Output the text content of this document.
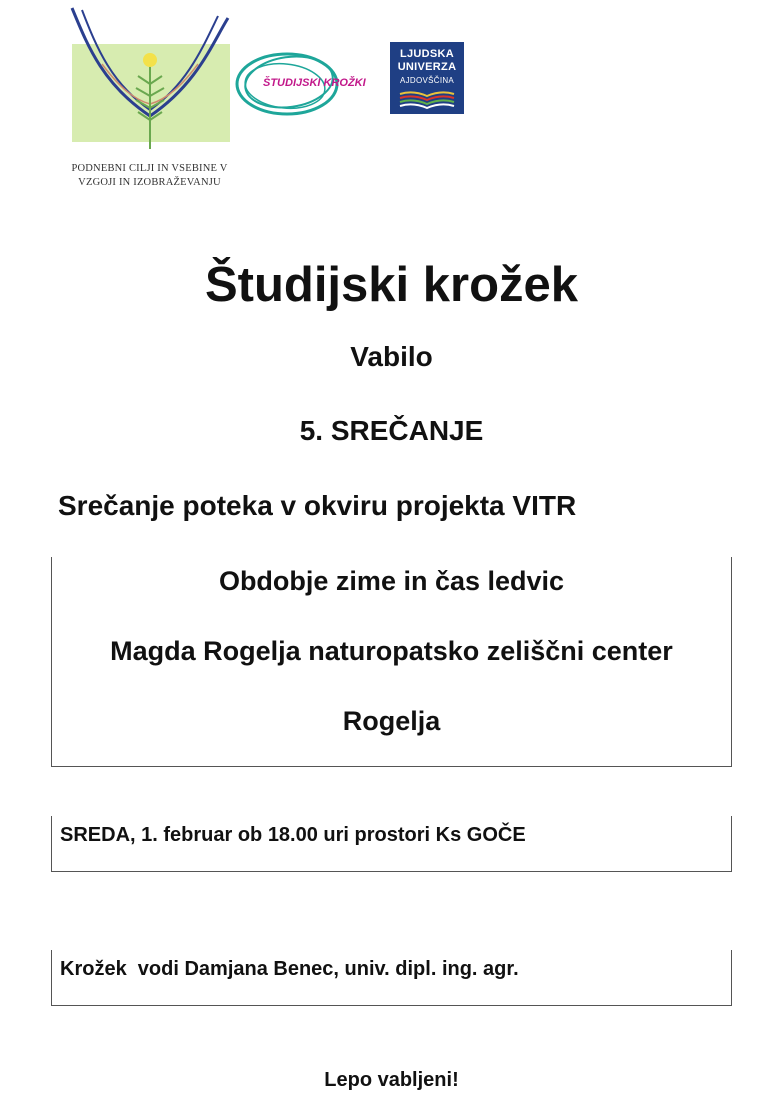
PODNEBNI CILJI IN VSEBINE V
VZGOJI IN IZOBRAŽEVANJU
ŠTUDIJSKI KROŽKI
LJUDSKA
UNIVERZA
AJDOVŠČINA
Študijski krožek
Vabilo
5. SREČANJE
Srečanje poteka v okviru projekta VITR
Obdobje zime in čas ledvic
Magda Rogelja naturopatsko zeliščni center
Rogelja
SREDA, 1. februar ob 18.00 uri prostori Ks GOČE
Krožek  vodi Damjana Benec, univ. dipl. ing. agr.
Lepo vabljeni!
